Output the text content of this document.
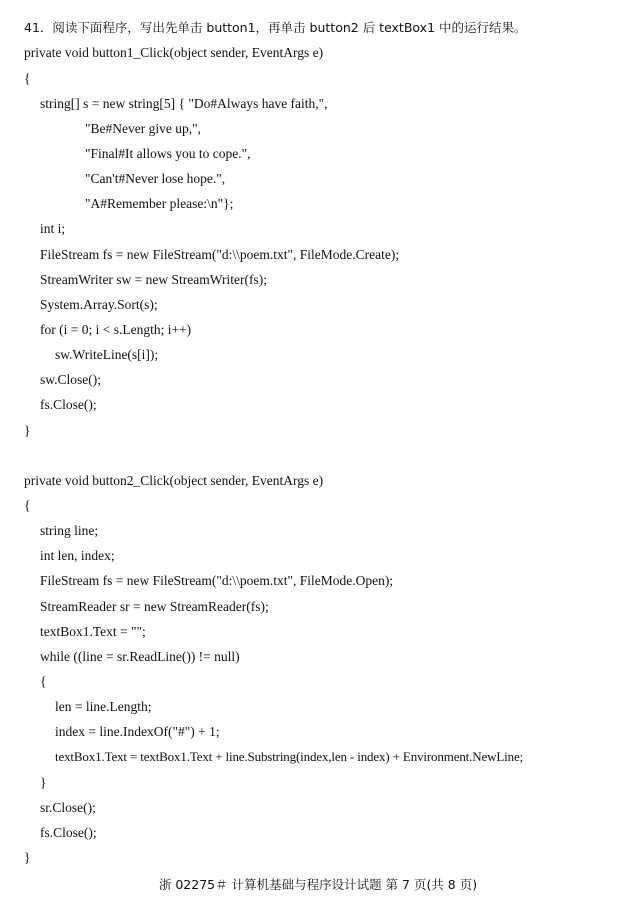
41．阅读下面程序，写出先单击 button1，再单击 button2 后 textBox1 中的运行结果。
private void button1_Click(object sender, EventArgs e)
{
string[] s = new string[5] { "Do#Always have faith,",
"Be#Never give up,",
"Final#It allows you to cope.",
"Can't#Never lose hope.",
"A#Remember please:\n"};
int i;
FileStream fs = new FileStream("d:\\poem.txt", FileMode.Create);
StreamWriter sw = new StreamWriter(fs);
System.Array.Sort(s);
for (i = 0; i < s.Length; i++)
sw.WriteLine(s[i]);
sw.Close();
fs.Close();
}
private void button2_Click(object sender, EventArgs e)
{
string line;
int len, index;
FileStream fs = new FileStream("d:\\poem.txt", FileMode.Open);
StreamReader sr = new StreamReader(fs);
textBox1.Text = "";
while ((line = sr.ReadLine()) != null)
{
len = line.Length;
index = line.IndexOf("#") + 1;
textBox1.Text = textBox1.Text + line.Substring(index,len - index) + Environment.NewLine;
}
sr.Close();
fs.Close();
}
浙 02275＃ 计算机基础与程序设计试题 第 7 页(共 8 页)
